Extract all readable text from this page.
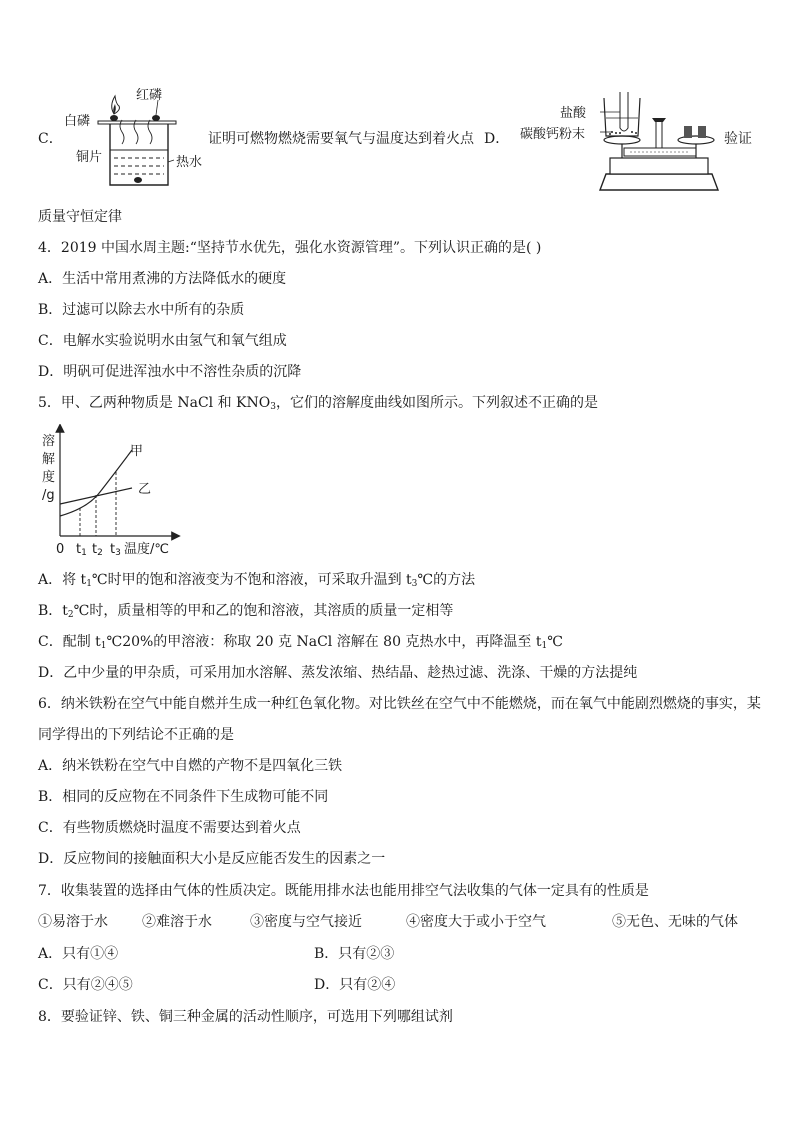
红磷
白磷
铜片	热水
C．	证明可燃物燃烧需要氧气与温度达到着火点 D．
盐酸
碳酸钙粉末	验证
质量守恒定律
4．2019 中国水周主题:“坚持节水优先，强化水资源管理”。下列认识正确的是( )
A．生活中常用煮沸的方法降低水的硬度
B．过滤可以除去水中所有的杂质
C．电解水实验说明水由氢气和氧气组成
D．明矾可促进浑浊水中不溶性杂质的沉降
5．甲、乙两种物质是 NaCl 和 $KNO_3$，它们的溶解度曲线如图所示。下列叙述不正确的是
溶
解
度
/g
甲
乙
0 $t_1$ $t_2$ $t_3$ 温度/℃
A．将 $t_1℃$时甲的饱和溶液变为不饱和溶液，可采取升温到 $t_3℃$的方法
B．$t_2℃$时，质量相等的甲和乙的饱和溶液，其溶质的质量一定相等
C．配制 $t_1℃20\%$的甲溶液：称取 20 克 NaCl 溶解在 80 克热水中，再降温至 $t_1℃$
D．乙中少量的甲杂质，可采用加水溶解、蒸发浓缩、热结晶、趁热过滤、洗涤、干燥的方法提纯
6．纳米铁粉在空气中能自燃并生成一种红色氧化物。对比铁丝在空气中不能燃烧，而在氧气中能剧烈燃烧的事实，某
同学得出的下列结论不正确的是
A．纳米铁粉在空气中自燃的产物不是四氧化三铁
B．相同的反应物在不同条件下生成物可能不同
C．有些物质燃烧时温度不需要达到着火点
D．反应物间的接触面积大小是反应能否发生的因素之一
7．收集装置的选择由气体的性质决定。既能用排水法也能用排空气法收集的气体一定具有的性质是
①易溶于水 ②难溶于水	③密度与空气接近	④密度大于或小于空气	⑤无色、无味的气体
A．只有①④	B．只有②③
C．只有②④⑤	D．只有②④
8．要验证锌、铁、铜三种金属的活动性顺序，可选用下列哪组试剂
